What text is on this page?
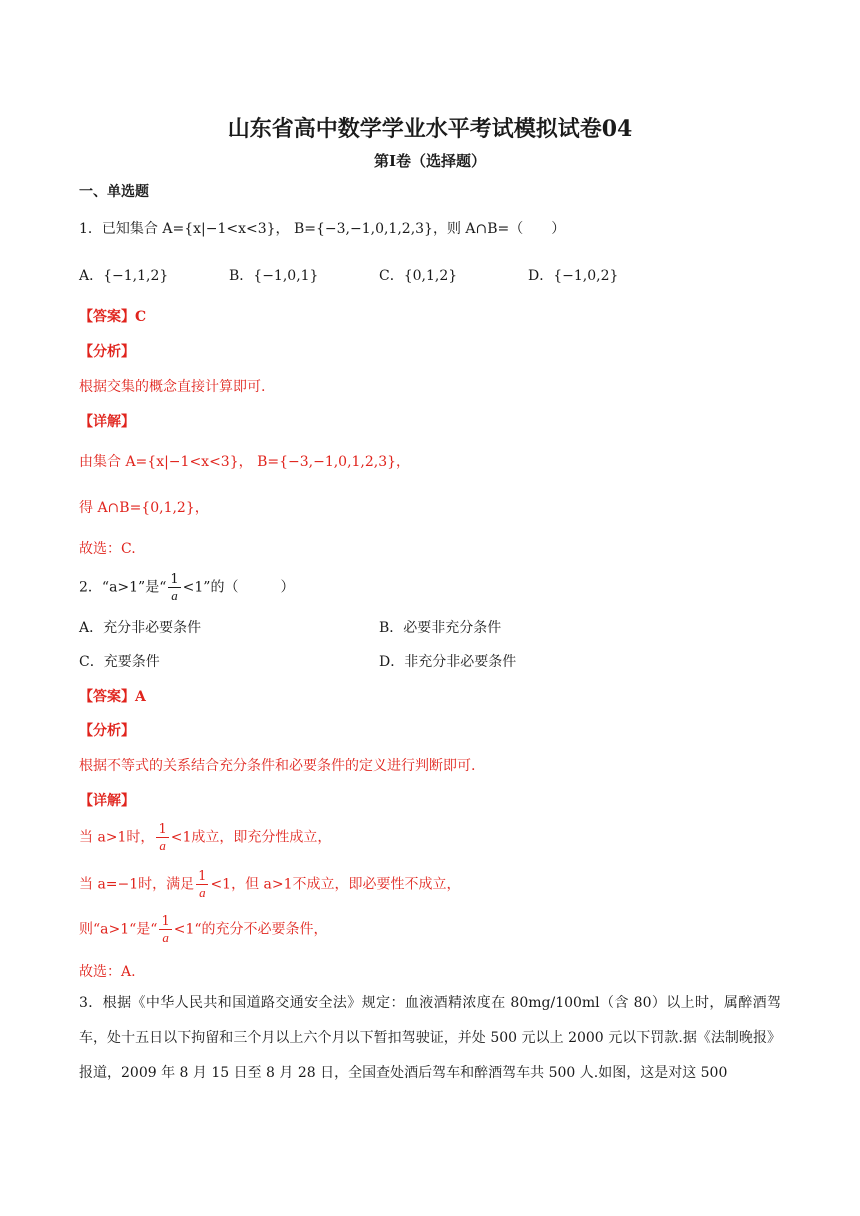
山东省高中数学学业水平考试模拟试卷04
第Ⅰ卷（选择题）
一、单选题
1．已知集合 A={x|−1<x<3}， B={−3,−1,0,1,2,3}，则 A∩B=（　　）
A．{−1,1,2}	B．{−1,0,1}	C．{0,1,2}	D．{−1,0,2}
【答案】C
【分析】
根据交集的概念直接计算即可.
【详解】
由集合 A={x|−1<x<3}， B={−3,−1,0,1,2,3}，
得 A∩B={0,1,2}，
故选：C.
2．“a>1”是“ $\frac{1}{a} <1$”的（　　　）
A．充分非必要条件	B．必要非充分条件
C．充要条件	D．非充分非必要条件
【答案】A
【分析】
根据不等式的关系结合充分条件和必要条件的定义进行判断即可.
【详解】
当 a>1时， $\frac{1}{a} <1$成立，即充分性成立，
当 a=−1时，满足 $\frac{1}{a} <1$，但 a>1不成立，即必要性不成立，
则“a>1“是“ $\frac{1}{a}$ <1“的充分不必要条件，
故选：A.
3．根据《中华人民共和国道路交通安全法》规定：血液酒精浓度在 80mg/100ml（含 80）以上时，属醉酒驾车，处十五日以下拘留和三个月以上六个月以下暂扣驾驶证，并处 500 元以上 2000 元以下罚款.据《法制晚报》报道，2009 年 8 月 15 日至 8 月 28 日，全国查处酒后驾车和醉酒驾车共 500 人.如图，这是对这 500
